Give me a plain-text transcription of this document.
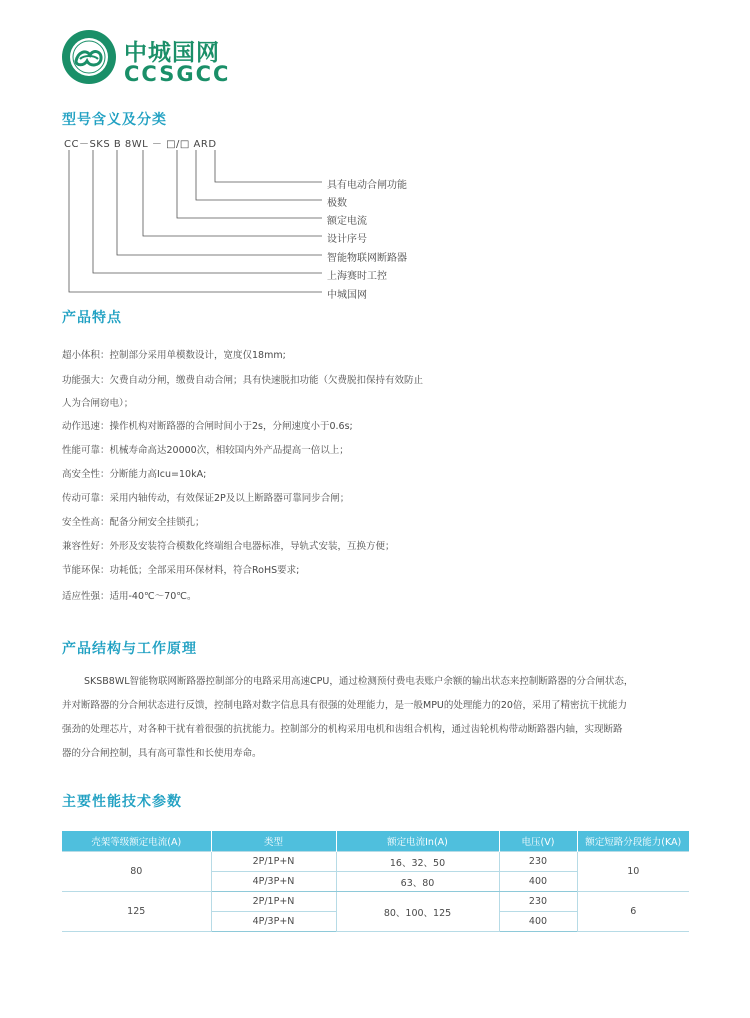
中城国网
CCSGCC
型号含义及分类
CC－SKS B 8WL － □/□ ARD
具有电动合闸功能
极数
额定电流
设计序号
智能物联网断路器
上海赛时工控
中城国网
产品特点
超小体积：控制部分采用单模数设计，宽度仅18mm;
功能强大：欠费自动分闸，缴费自动合闸；具有快速脱扣功能（欠费脱扣保持有效防止
人为合闸窃电）；
动作迅速：操作机构对断路器的合闸时间小于2s，分闸速度小于0.6s;
性能可靠：机械寿命高达20000次，相较国内外产品提高一倍以上；
高安全性：分断能力高Icu=10kA;
传动可靠：采用内轴传动，有效保证2P及以上断路器可靠同步合闸；
安全性高：配备分闸安全挂锁孔；
兼容性好：外形及安装符合模数化终端组合电器标准，导轨式安装，互换方便；
节能环保：功耗低；全部采用环保材料，符合RoHS要求;
适应性强：适用-40℃～70℃。
产品结构与工作原理
SKSB8WL智能物联网断路器控制部分的电路采用高速CPU，通过检测预付费电表账户余额的输出状态来控制断路器的分合闸状态，
并对断路器的分合闸状态进行反馈，控制电路对数字信息具有很强的处理能力，是一般MPU的处理能力的20倍，采用了精密抗干扰能力
强劲的处理芯片，对各种干扰有着很强的抗扰能力。控制部分的机构采用电机和齿组合机构，通过齿轮机构带动断路器内轴，实现断路
器的分合闸控制，具有高可靠性和长使用寿命。
主要性能技术参数
壳架等级额定电流(A)	类型	额定电流In(A)	电压(V)	额定短路分段能力(KA)
80	2P/1P+N	16、32、50	230	10
	4P/3P+N	63、80	400	
125	2P/1P+N	80、100、125	230	6
	4P/3P+N		400	
